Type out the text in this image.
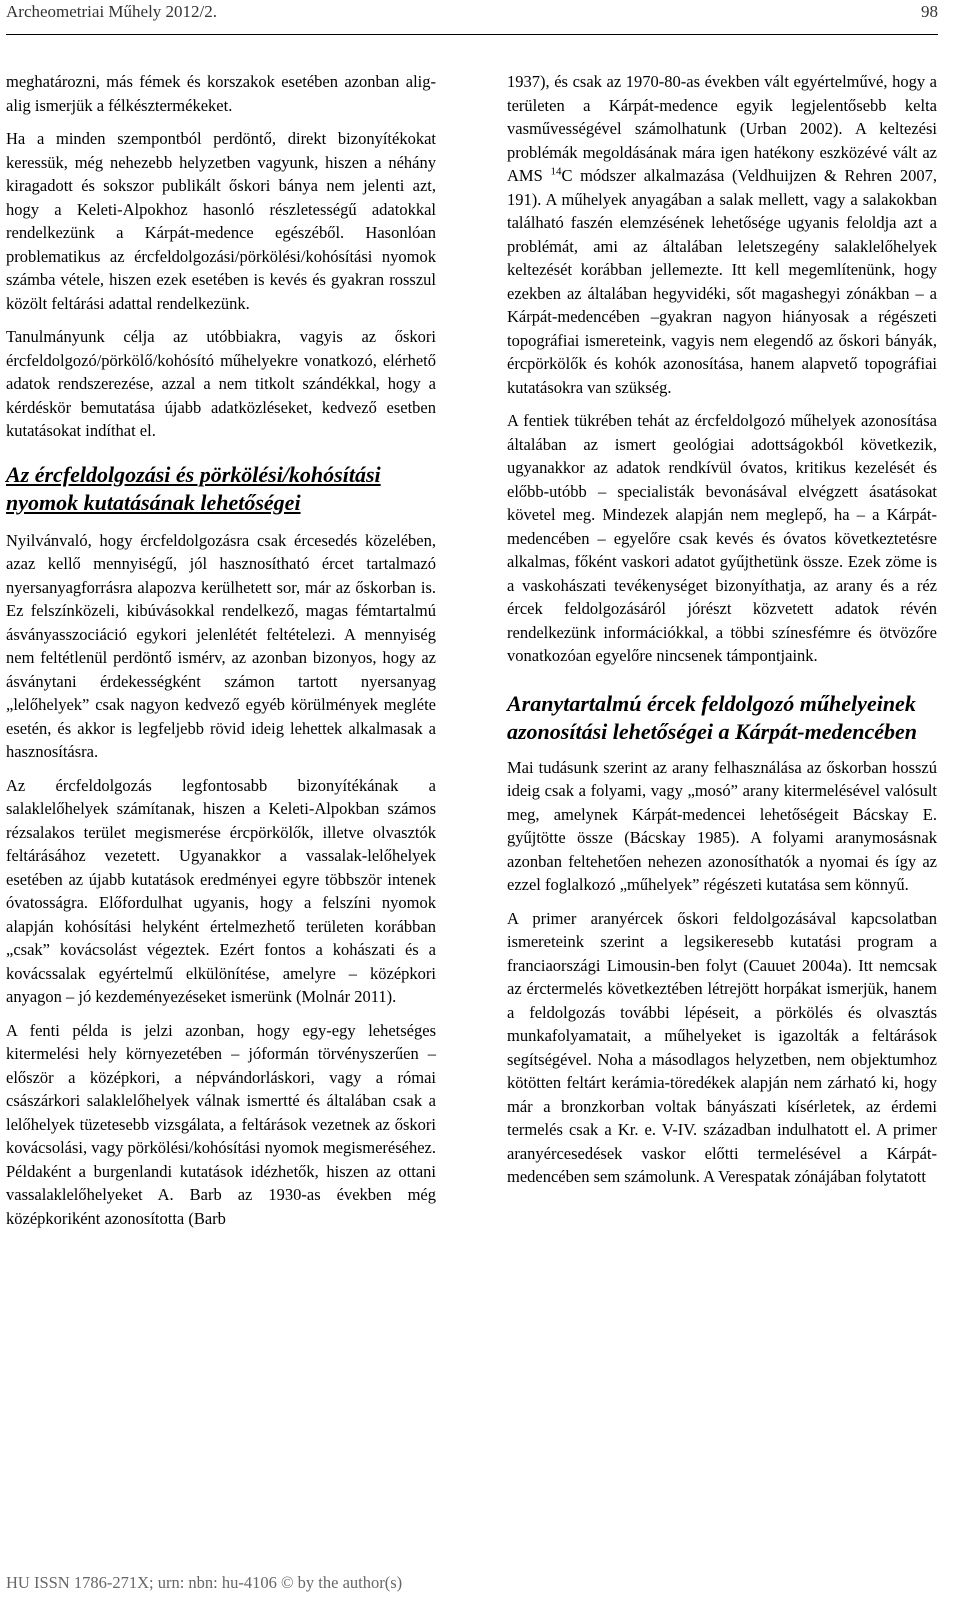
Archeometriai Műhely 2012/2.	98

meghatározni, más fémek és korszakok esetében azonban alig-alig ismerjük a félkésztermékeket.

Ha a minden szempontból perdöntő, direkt bizonyítékokat keressük, még nehezebb helyzetben vagyunk, hiszen a néhány kiragadott és sokszor publikált őskori bánya nem jelenti azt, hogy a Keleti-Alpokhoz hasonló részletességű adatokkal rendelkezünk a Kárpát-medence egészéből. Hasonlóan problematikus az ércfeldolgozási/pörkölési/kohósítási nyomok számba vétele, hiszen ezek esetében is kevés és gyakran rosszul közölt feltárási adattal rendelkezünk.

Tanulmányunk célja az utóbbiakra, vagyis az őskori ércfeldolgozó/pörkölő/kohósító műhelyekre vonatkozó, elérhető adatok rendszerezése, azzal a nem titkolt szándékkal, hogy a kérdéskör bemutatása újabb adatközléseket, kedvező esetben kutatásokat indíthat el.

Az ércfeldolgozási és pörkölési/kohósítási nyomok kutatásának lehetőségei

Nyilvánvaló, hogy ércfeldolgozásra csak ércesedés közelében, azaz kellő mennyiségű, jól hasznosítható ércet tartalmazó nyersanyagforrásra alapozva kerülhetett sor, már az őskorban is. Ez felszínközeli, kibúvásokkal rendelkező, magas fémtartalmú ásványasszociáció egykori jelenlétét feltételezi. A mennyiség nem feltétlenül perdöntő ismérv, az azonban bizonyos, hogy az ásványtani érdekességként számon tartott nyersanyag „lelőhelyek” csak nagyon kedvező egyéb körülmények megléte esetén, és akkor is legfeljebb rövid ideig lehettek alkalmasak a hasznosításra.

Az ércfeldolgozás legfontosabb bizonyítékának a salaklelőhelyek számítanak, hiszen a Keleti-Alpokban számos rézsalakos terület megismerése ércpörkölők, illetve olvasztók feltárásához vezetett. Ugyanakkor a vassalak-lelőhelyek esetében az újabb kutatások eredményei egyre többször intenek óvatosságra. Előfordulhat ugyanis, hogy a felszíni nyomok alapján kohósítási helyként értelmezhető területen korábban „csak” kovácsolást végeztek. Ezért fontos a kohászati és a kovácssalak egyértelmű elkülönítése, amelyre – középkori anyagon – jó kezdeményezéseket ismerünk (Molnár 2011).

A fenti példa is jelzi azonban, hogy egy-egy lehetséges kitermelési hely környezetében – jóformán törvényszerűen – először a középkori, a népvándorláskori, vagy a római császárkori salaklelőhelyek válnak ismertté és általában csak a lelőhelyek tüzetesebb vizsgálata, a feltárások vezetnek az őskori kovácsolási, vagy pörkölési/kohósítási nyomok megismeréséhez. Példaként a burgenlandi kutatások idézhetők, hiszen az ottani vassalaklelőhelyeket A. Barb az 1930-as években még középkoriként azonosította (Barb

1937), és csak az 1970-80-as években vált egyértelművé, hogy a területen a Kárpát-medence egyik legjelentősebb kelta vasművességével számolhatunk (Urban 2002). A keltezési problémák megoldásának mára igen hatékony eszközévé vált az AMS $^{14}$C módszer alkalmazása (Veldhuijzen & Rehren 2007, 191). A műhelyek anyagában a salak mellett, vagy a salakokban található faszén elemzésének lehetősége ugyanis feloldja azt a problémát, ami az általában leletszegény salaklelőhelyek keltezését korábban jellemezte. Itt kell megemlítenünk, hogy ezekben az általában hegyvidéki, sőt magashegyi zónákban – a Kárpát-medencében –gyakran nagyon hiányosak a régészeti topográfiai ismereteink, vagyis nem elegendő az őskori bányák, ércpörkölők és kohók azonosítása, hanem alapvető topográfiai kutatásokra van szükség.

A fentiek tükrében tehát az ércfeldolgozó műhelyek azonosítása általában az ismert geológiai adottságokból következik, ugyanakkor az adatok rendkívül óvatos, kritikus kezelését és előbb-utóbb – specialisták bevonásával elvégzett ásatásokat követel meg. Mindezek alapján nem meglepő, ha – a Kárpát-medencében – egyelőre csak kevés és óvatos következtetésre alkalmas, főként vaskori adatot gyűjthetünk össze. Ezek zöme is a vaskohászati tevékenységet bizonyíthatja, az arany és a réz ércek feldolgozásáról jórészt közvetett adatok révén rendelkezünk információkkal, a többi színesfémre és ötvözőre vonatkozóan egyelőre nincsenek támpontjaink.

Aranytartalmú ércek feldolgozó műhelyeinek azonosítási lehetőségei a Kárpát-medencében

Mai tudásunk szerint az arany felhasználása az őskorban hosszú ideig csak a folyami, vagy „mosó” arany kitermelésével valósult meg, amelynek Kárpát-medencei lehetőségeit Bácskay E. gyűjtötte össze (Bácskay 1985). A folyami aranymosásnak azonban feltehetően nehezen azonosíthatók a nyomai és így az ezzel foglalkozó „műhelyek” régészeti kutatása sem könnyű.

A primer aranyércek őskori feldolgozásával kapcsolatban ismereteink szerint a legsikeresebb kutatási program a franciaországi Limousin-ben folyt (Cauuet 2004a). Itt nemcsak az érctermelés következtében létrejött horpákat ismerjük, hanem a feldolgozás további lépéseit, a pörkölés és olvasztás munkafolyamatait, a műhelyeket is igazolták a feltárások segítségével. Noha a másodlagos helyzetben, nem objektumhoz kötötten feltárt kerámia-töredékek alapján nem zárható ki, hogy már a bronzkorban voltak bányászati kísérletek, az érdemi termelés csak a Kr. e. V-IV. században indulhatott el. A primer aranyércesedések vaskor előtti termelésével a Kárpát-medencében sem számolunk. A Verespatak zónájában folytatott

HU ISSN 1786-271X; urn: nbn: hu-4106 © by the author(s)
